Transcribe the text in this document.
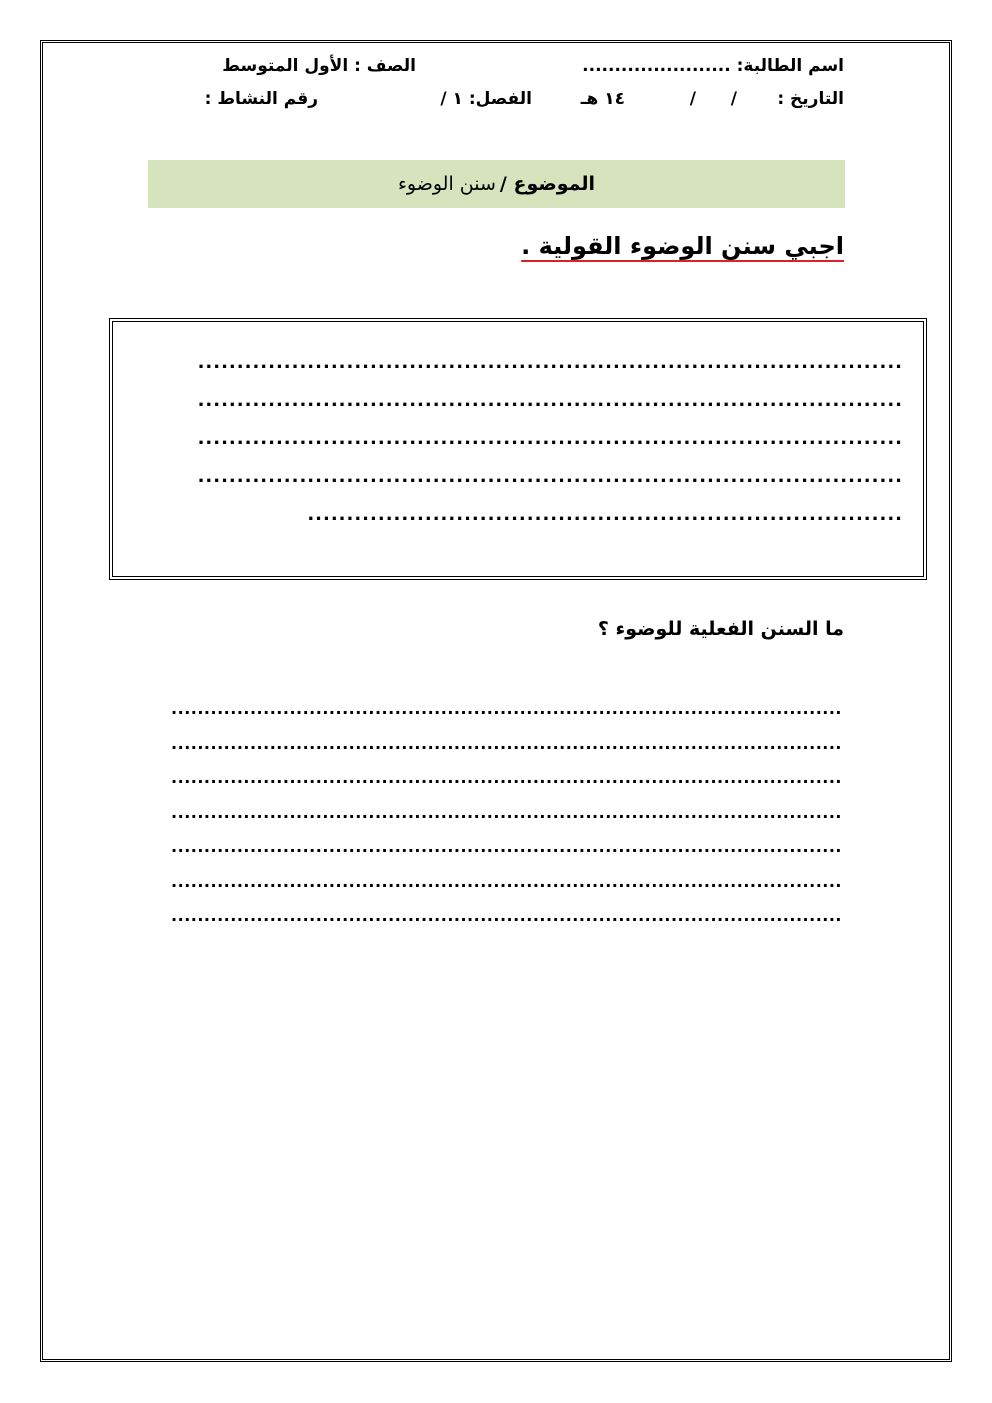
اسم الطالبة: .......................
الصف : الأول المتوسط
التاريخ :
/
/
١٤ هـ
الفصل: ١ /
رقم النشاط :
الموضوع /
سنن الوضوء
اجبي سنن الوضوء القولية .
..........................................................................................
..........................................................................................
..........................................................................................
..........................................................................................
............................................................................
ما السنن الفعلية للوضوء ؟
......................................................................................................
......................................................................................................
......................................................................................................
......................................................................................................
......................................................................................................
......................................................................................................
......................................................................................................
